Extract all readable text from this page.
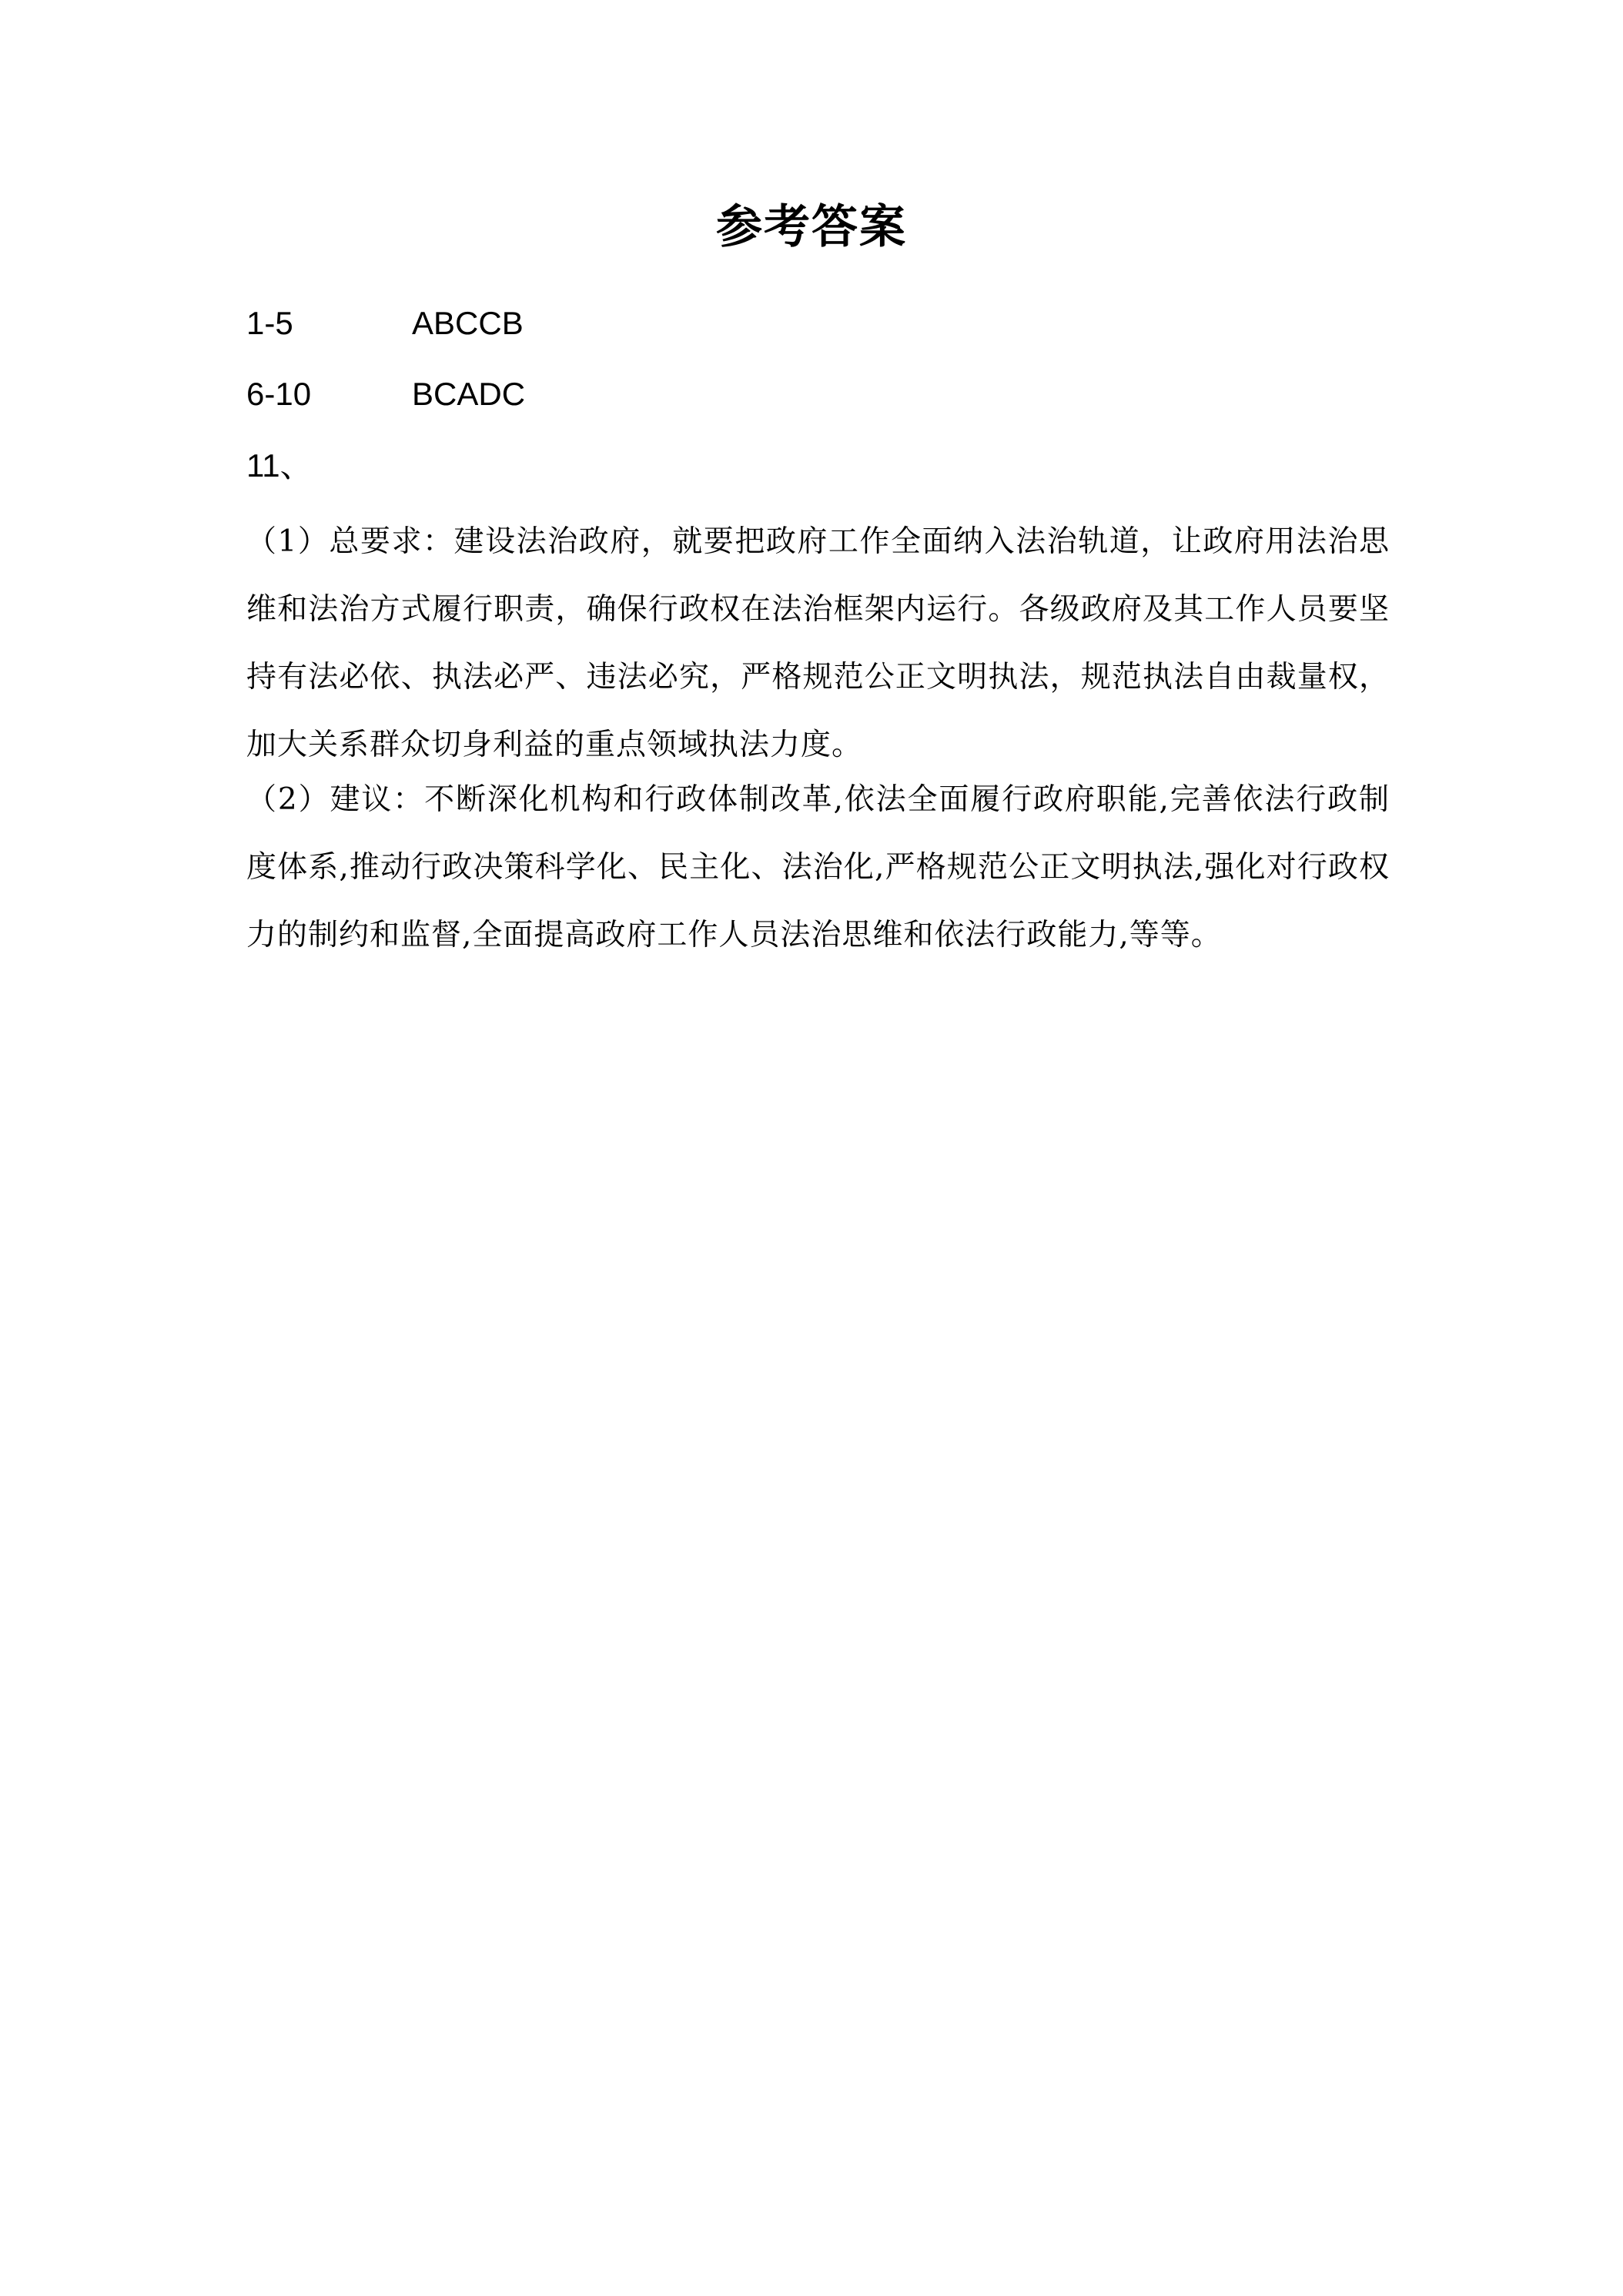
参考答案
1-5	ABCCB
6-10	BCADC
11、
（1）总要求：建设法治政府，就要把政府工作全面纳入法治轨道，让政府用法治思维和法治方式履行职责，确保行政权在法治框架内运行。各级政府及其工作人员要坚持有法必依、执法必严、违法必究，严格规范公正文明执法，规范执法自由裁量权，加大关系群众切身利益的重点领域执法力度。
（2）建议：不断深化机构和行政体制改革,依法全面履行政府职能,完善依法行政制度体系,推动行政决策科学化、民主化、法治化,严格规范公正文明执法,强化对行政权力的制约和监督,全面提高政府工作人员法治思维和依法行政能力,等等。
